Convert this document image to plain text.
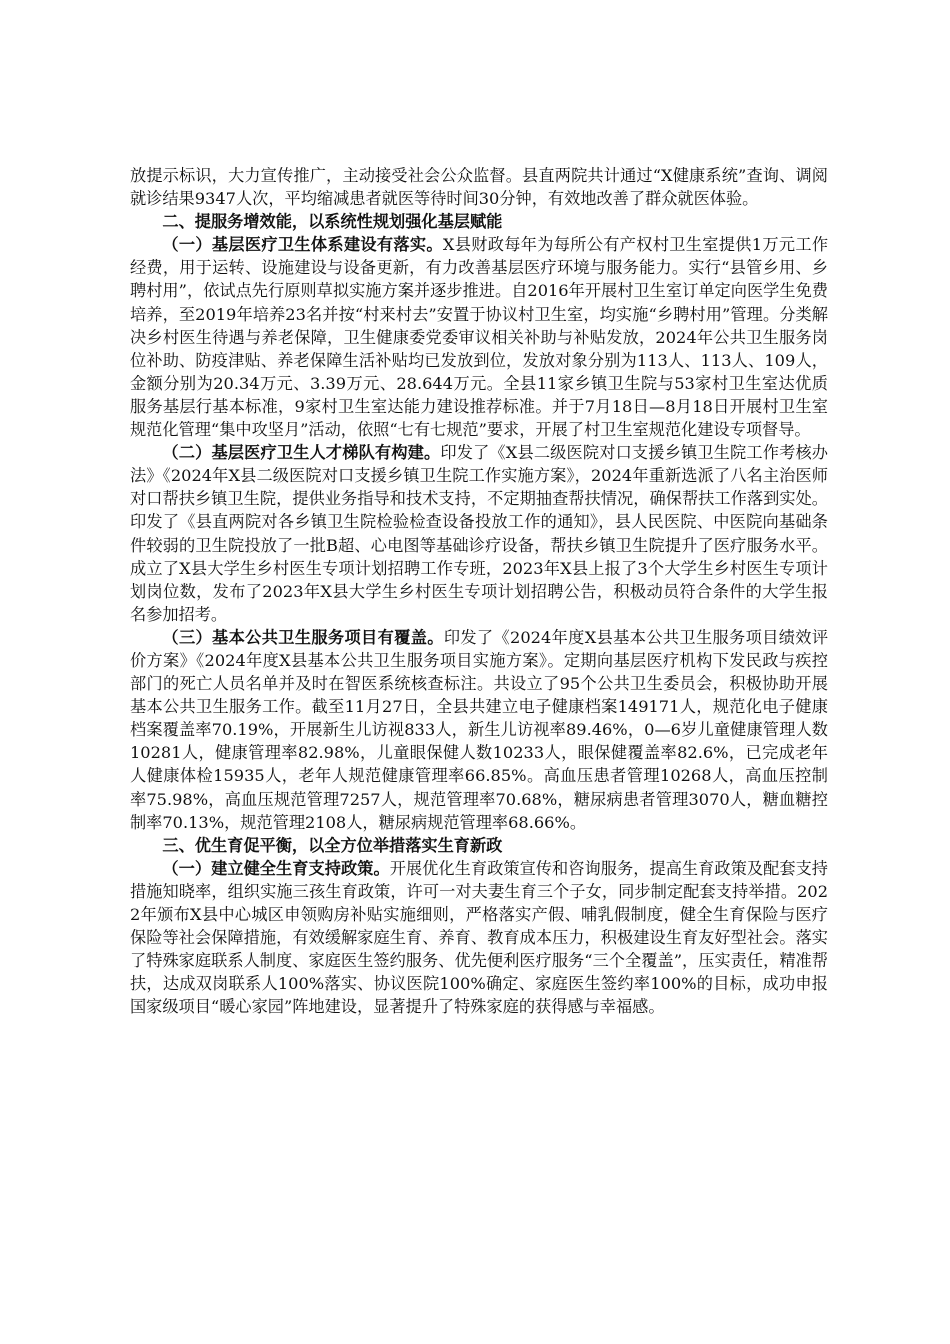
放提示标识，大力宣传推广，主动接受社会公众监督。县直两院共计通过“X健康系统”查询、调阅就诊结果9347人次，平均缩减患者就医等待时间30分钟，有效地改善了群众就医体验。

二、提服务增效能，以系统性规划强化基层赋能

（一）基层医疗卫生体系建设有落实。X县财政每年为每所公有产权村卫生室提供1万元工作经费，用于运转、设施建设与设备更新，有力改善基层医疗环境与服务能力。实行“县管乡用、乡聘村用”，依试点先行原则草拟实施方案并逐步推进。自2016年开展村卫生室订单定向医学生免费培养，至2019年培养23名并按“村来村去”安置于协议村卫生室，均实施“乡聘村用”管理。分类解决乡村医生待遇与养老保障，卫生健康委党委审议相关补助与补贴发放，2024年公共卫生服务岗位补助、防疫津贴、养老保障生活补贴均已发放到位，发放对象分别为113人、113人、109人，金额分别为20.34万元、3.39万元、28.644万元。全县11家乡镇卫生院与53家村卫生室达优质服务基层行基本标准，9家村卫生室达能力建设推荐标准。并于7月18日—8月18日开展村卫生室规范化管理“集中攻坚月”活动，依照“七有七规范”要求，开展了村卫生室规范化建设专项督导。

（二）基层医疗卫生人才梯队有构建。印发了《X县二级医院对口支援乡镇卫生院工作考核办法》《2024年X县二级医院对口支援乡镇卫生院工作实施方案》，2024年重新选派了八名主治医师对口帮扶乡镇卫生院，提供业务指导和技术支持，不定期抽查帮扶情况，确保帮扶工作落到实处。印发了《县直两院对各乡镇卫生院检验检查设备投放工作的通知》，县人民医院、中医院向基础条件较弱的卫生院投放了一批B超、心电图等基础诊疗设备，帮扶乡镇卫生院提升了医疗服务水平。成立了X县大学生乡村医生专项计划招聘工作专班，2023年X县上报了3个大学生乡村医生专项计划岗位数，发布了2023年X县大学生乡村医生专项计划招聘公告，积极动员符合条件的大学生报名参加招考。

（三）基本公共卫生服务项目有覆盖。印发了《2024年度X县基本公共卫生服务项目绩效评价方案》《2024年度X县基本公共卫生服务项目实施方案》。定期向基层医疗机构下发民政与疾控部门的死亡人员名单并及时在智医系统核查标注。共设立了95个公共卫生委员会，积极协助开展基本公共卫生服务工作。截至11月27日，全县共建立电子健康档案149171人，规范化电子健康档案覆盖率70.19%，开展新生儿访视833人，新生儿访视率89.46%，0—6岁儿童健康管理人数10281人，健康管理率82.98%，儿童眼保健人数10233人，眼保健覆盖率82.6%，已完成老年人健康体检15935人，老年人规范健康管理率66.85%。高血压患者管理10268人，高血压控制率75.98%，高血压规范管理7257人，规范管理率70.68%，糖尿病患者管理3070人，糖血糖控制率70.13%，规范管理2108人，糖尿病规范管理率68.66%。

三、优生育促平衡，以全方位举措落实生育新政

（一）建立健全生育支持政策。开展优化生育政策宣传和咨询服务，提高生育政策及配套支持措施知晓率，组织实施三孩生育政策，许可一对夫妻生育三个子女，同步制定配套支持举措。2022年颁布X县中心城区申领购房补贴实施细则，严格落实产假、哺乳假制度，健全生育保险与医疗保险等社会保障措施，有效缓解家庭生育、养育、教育成本压力，积极建设生育友好型社会。落实了特殊家庭联系人制度、家庭医生签约服务、优先便利医疗服务“三个全覆盖”，压实责任，精准帮扶，达成双岗联系人100%落实、协议医院100%确定、家庭医生签约率100%的目标，成功申报国家级项目“暖心家园”阵地建设，显著提升了特殊家庭的获得感与幸福感。
